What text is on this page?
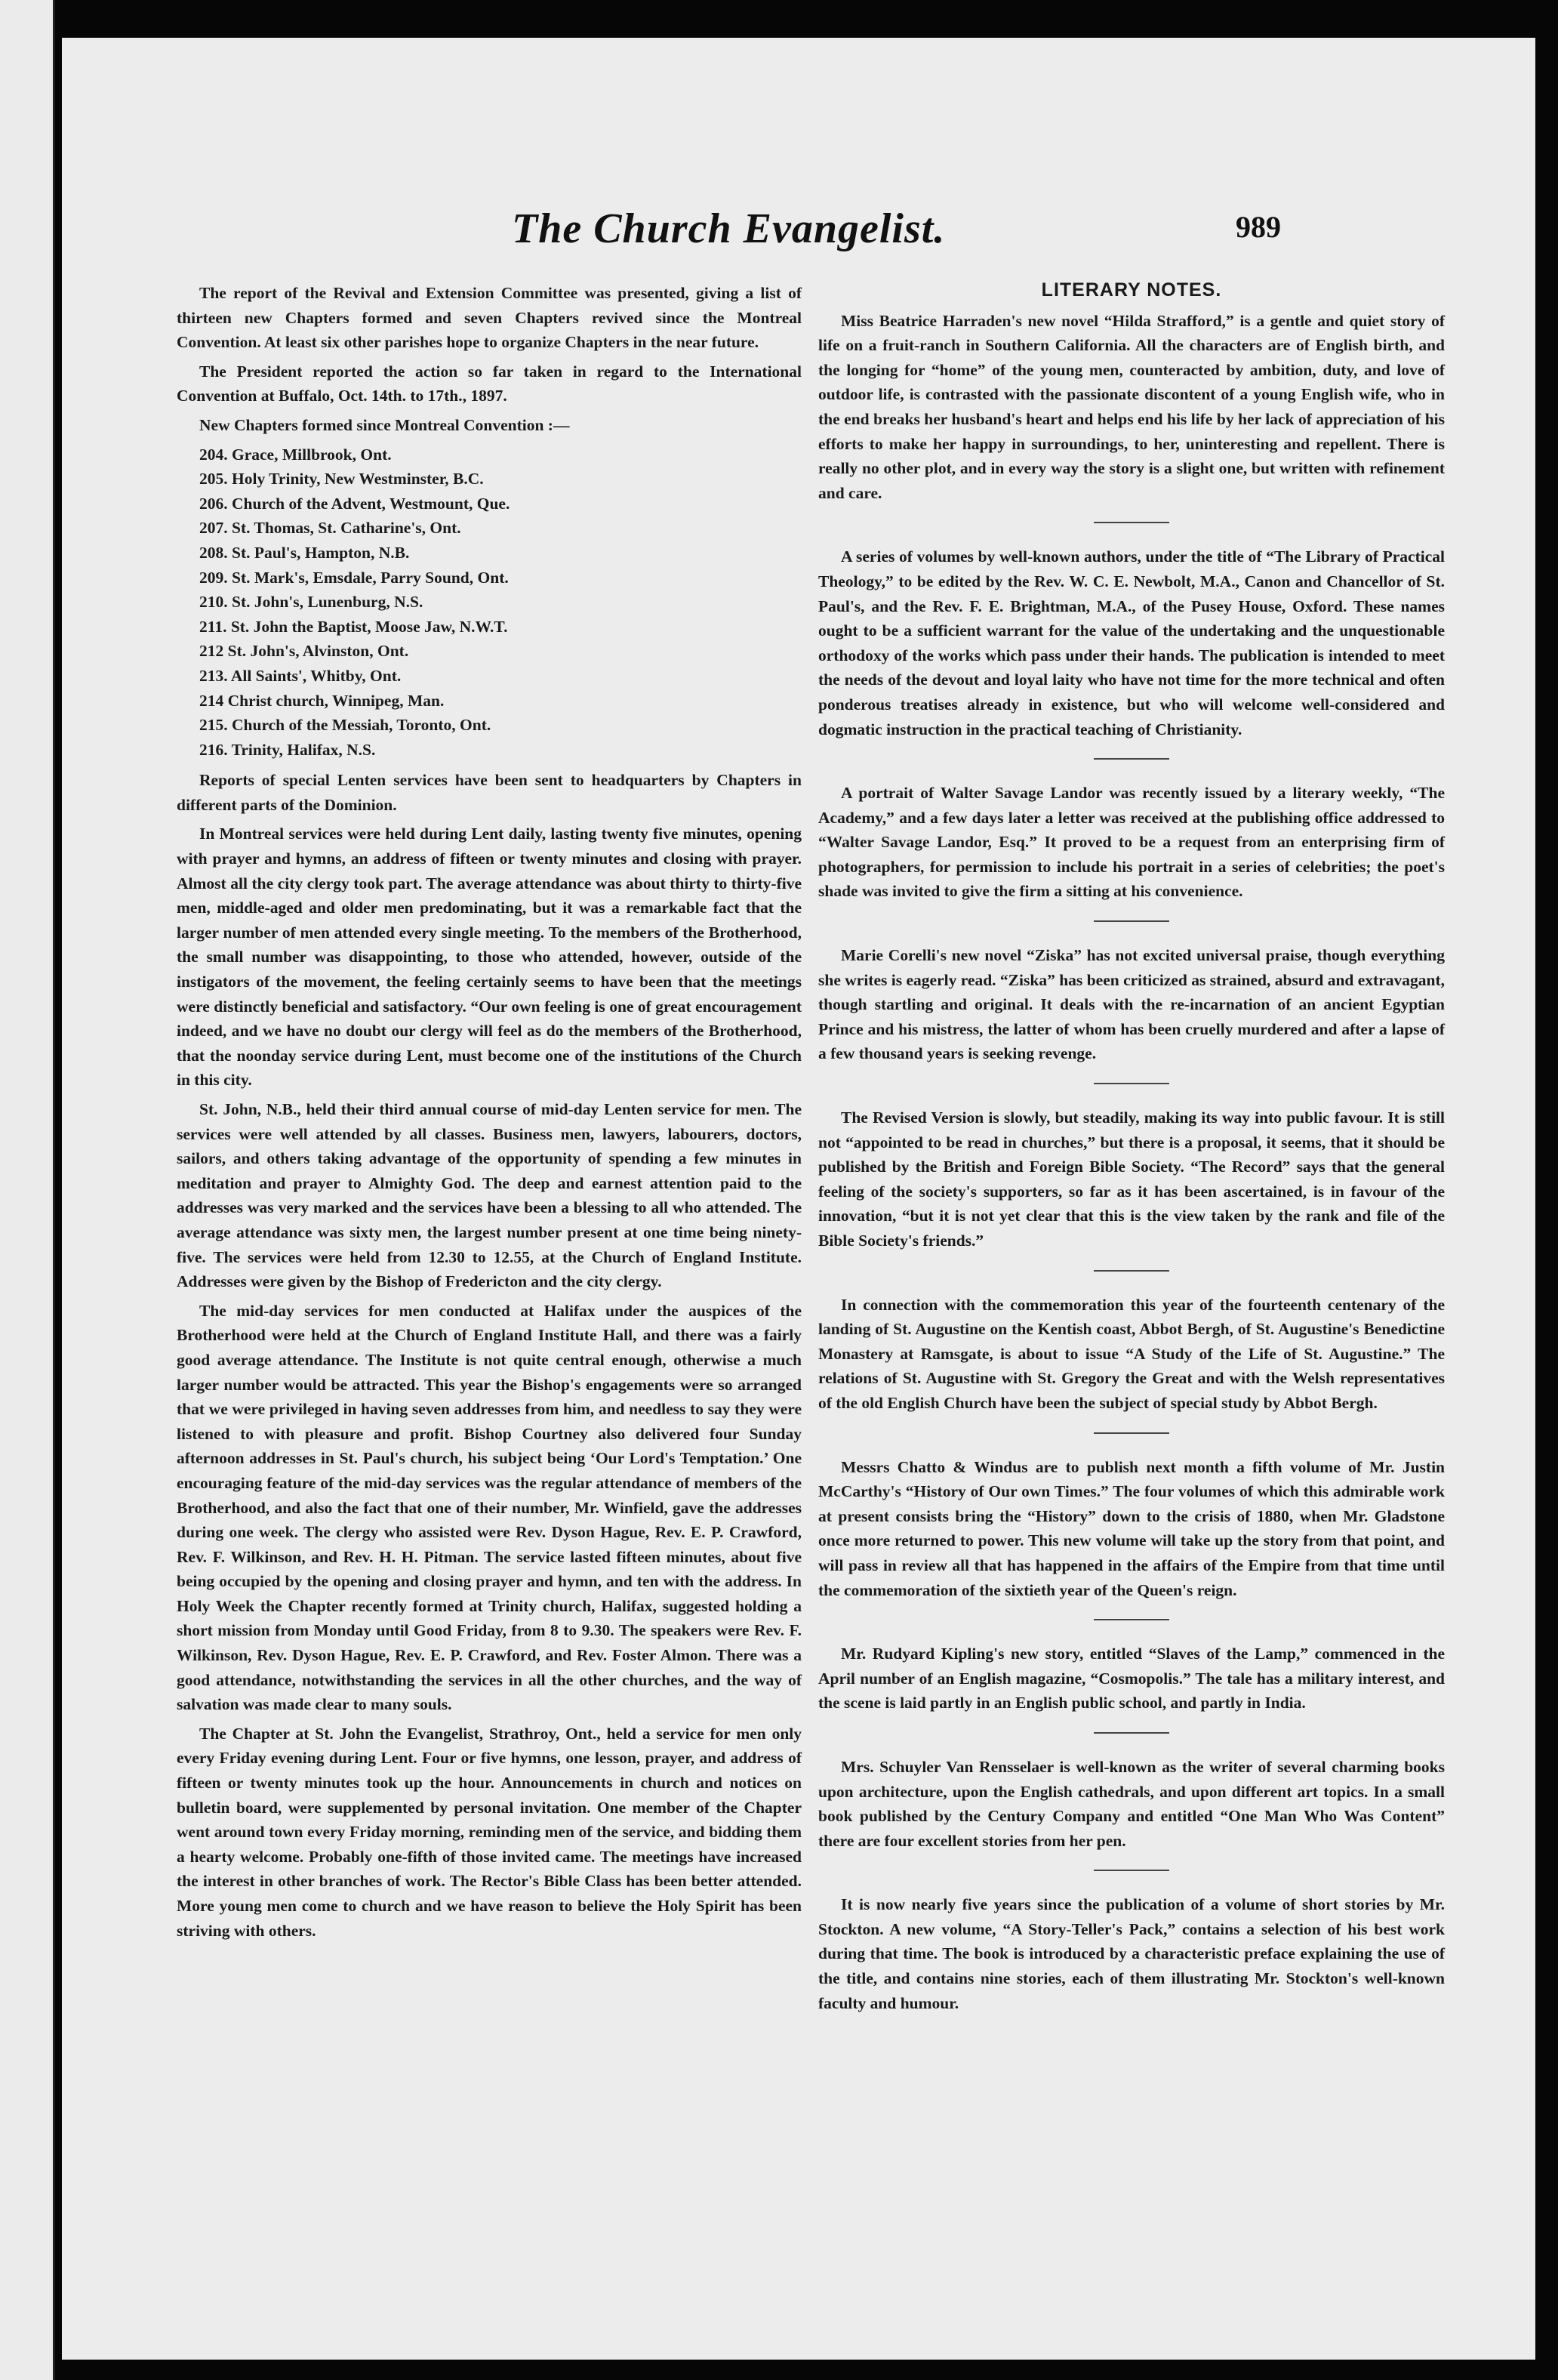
The Church Evangelist.	989

The report of the Revival and Extension Committee was presented, giving a list of thirteen new Chapters formed and seven Chapters revived since the Montreal Convention. At least six other parishes hope to organize Chapters in the near future.

The President reported the action so far taken in regard to the International Convention at Buffalo, Oct. 14th. to 17th., 1897.

New Chapters formed since Montreal Convention :—

204. Grace, Millbrook, Ont.
205. Holy Trinity, New Westminster, B.C.
206. Church of the Advent, Westmount, Que.
207. St. Thomas, St. Catharine's, Ont.
208. St. Paul's, Hampton, N.B.
209. St. Mark's, Emsdale, Parry Sound, Ont.
210. St. John's, Lunenburg, N.S.
211. St. John the Baptist, Moose Jaw, N.W.T.
212 St. John's, Alvinston, Ont.
213. All Saints', Whitby, Ont.
214 Christ church, Winnipeg, Man.
215. Church of the Messiah, Toronto, Ont.
216. Trinity, Halifax, N.S.

Reports of special Lenten services have been sent to headquarters by Chapters in different parts of the Dominion.

In Montreal services were held during Lent daily, lasting twenty five minutes, opening with prayer and hymns, an address of fifteen or twenty minutes and closing with prayer. Almost all the city clergy took part. The average attendance was about thirty to thirty-five men, middle-aged and older men predominating, but it was a remarkable fact that the larger number of men attended every single meeting. To the members of the Brotherhood, the small number was disappointing, to those who attended, however, outside of the instigators of the movement, the feeling certainly seems to have been that the meetings were distinctly beneficial and satisfactory. “Our own feeling is one of great encouragement indeed, and we have no doubt our clergy will feel as do the members of the Brotherhood, that the noonday service during Lent, must become one of the institutions of the Church in this city.

St. John, N.B., held their third annual course of mid-day Lenten service for men. The services were well attended by all classes. Business men, lawyers, labourers, doctors, sailors, and others taking advantage of the opportunity of spending a few minutes in meditation and prayer to Almighty God. The deep and earnest attention paid to the addresses was very marked and the services have been a blessing to all who attended. The average attendance was sixty men, the largest number present at one time being ninety-five. The services were held from 12.30 to 12.55, at the Church of England Institute. Addresses were given by the Bishop of Fredericton and the city clergy.

The mid-day services for men conducted at Halifax under the auspices of the Brotherhood were held at the Church of England Institute Hall, and there was a fairly good average attendance. The Institute is not quite central enough, otherwise a much larger number would be attracted. This year the Bishop's engagements were so arranged that we were privileged in having seven addresses from him, and needless to say they were listened to with pleasure and profit. Bishop Courtney also delivered four Sunday afternoon addresses in St. Paul's church, his subject being ‘Our Lord's Temptation.’ One encouraging feature of the mid-day services was the regular attendance of members of the Brotherhood, and also the fact that one of their number, Mr. Winfield, gave the addresses during one week. The clergy who assisted were Rev. Dyson Hague, Rev. E. P. Crawford, Rev. F. Wilkinson, and Rev. H. H. Pitman. The service lasted fifteen minutes, about five being occupied by the opening and closing prayer and hymn, and ten with the address. In Holy Week the Chapter recently formed at Trinity church, Halifax, suggested holding a short mission from Monday until Good Friday, from 8 to 9.30. The speakers were Rev. F. Wilkinson, Rev. Dyson Hague, Rev. E. P. Crawford, and Rev. Foster Almon. There was a good attendance, notwithstanding the services in all the other churches, and the way of salvation was made clear to many souls.

The Chapter at St. John the Evangelist, Strathroy, Ont., held a service for men only every Friday evening during Lent. Four or five hymns, one lesson, prayer, and address of fifteen or twenty minutes took up the hour. Announcements in church and notices on bulletin board, were supplemented by personal invitation. One member of the Chapter went around town every Friday morning, reminding men of the service, and bidding them a hearty welcome. Probably one-fifth of those invited came. The meetings have increased the interest in other branches of work. The Rector's Bible Class has been better attended. More young men come to church and we have reason to believe the Holy Spirit has been striving with others.

LITERARY NOTES.

Miss Beatrice Harraden's new novel “Hilda Strafford,” is a gentle and quiet story of life on a fruit-ranch in Southern California. All the characters are of English birth, and the longing for “home” of the young men, counteracted by ambition, duty, and love of outdoor life, is contrasted with the passionate discontent of a young English wife, who in the end breaks her husband's heart and helps end his life by her lack of appreciation of his efforts to make her happy in surroundings, to her, uninteresting and repellent. There is really no other plot, and in every way the story is a slight one, but written with refinement and care.

A series of volumes by well-known authors, under the title of “The Library of Practical Theology,” to be edited by the Rev. W. C. E. Newbolt, M.A., Canon and Chancellor of St. Paul's, and the Rev. F. E. Brightman, M.A., of the Pusey House, Oxford. These names ought to be a sufficient warrant for the value of the undertaking and the unquestionable orthodoxy of the works which pass under their hands. The publication is intended to meet the needs of the devout and loyal laity who have not time for the more technical and often ponderous treatises already in existence, but who will welcome well-considered and dogmatic instruction in the practical teaching of Christianity.

A portrait of Walter Savage Landor was recently issued by a literary weekly, “The Academy,” and a few days later a letter was received at the publishing office addressed to “Walter Savage Landor, Esq.” It proved to be a request from an enterprising firm of photographers, for permission to include his portrait in a series of celebrities; the poet's shade was invited to give the firm a sitting at his convenience.

Marie Corelli's new novel “Ziska” has not excited universal praise, though everything she writes is eagerly read. “Ziska” has been criticized as strained, absurd and extravagant, though startling and original. It deals with the re-incarnation of an ancient Egyptian Prince and his mistress, the latter of whom has been cruelly murdered and after a lapse of a few thousand years is seeking revenge.

The Revised Version is slowly, but steadily, making its way into public favour. It is still not “appointed to be read in churches,” but there is a proposal, it seems, that it should be published by the British and Foreign Bible Society. “The Record” says that the general feeling of the society's supporters, so far as it has been ascertained, is in favour of the innovation, “but it is not yet clear that this is the view taken by the rank and file of the Bible Society's friends.”

In connection with the commemoration this year of the fourteenth centenary of the landing of St. Augustine on the Kentish coast, Abbot Bergh, of St. Augustine's Benedictine Monastery at Ramsgate, is about to issue “A Study of the Life of St. Augustine.” The relations of St. Augustine with St. Gregory the Great and with the Welsh representatives of the old English Church have been the subject of special study by Abbot Bergh.

Messrs Chatto & Windus are to publish next month a fifth volume of Mr. Justin McCarthy's “History of Our own Times.” The four volumes of which this admirable work at present consists bring the “History” down to the crisis of 1880, when Mr. Gladstone once more returned to power. This new volume will take up the story from that point, and will pass in review all that has happened in the affairs of the Empire from that time until the commemoration of the sixtieth year of the Queen's reign.

Mr. Rudyard Kipling's new story, entitled “Slaves of the Lamp,” commenced in the April number of an English magazine, “Cosmopolis.” The tale has a military interest, and the scene is laid partly in an English public school, and partly in India.

Mrs. Schuyler Van Rensselaer is well-known as the writer of several charming books upon architecture, upon the English cathedrals, and upon different art topics. In a small book published by the Century Company and entitled “One Man Who Was Content” there are four excellent stories from her pen.

It is now nearly five years since the publication of a volume of short stories by Mr. Stockton. A new volume, “A Story-Teller's Pack,” contains a selection of his best work during that time. The book is introduced by a characteristic preface explaining the use of the title, and contains nine stories, each of them illustrating Mr. Stockton's well-known faculty and humour.
